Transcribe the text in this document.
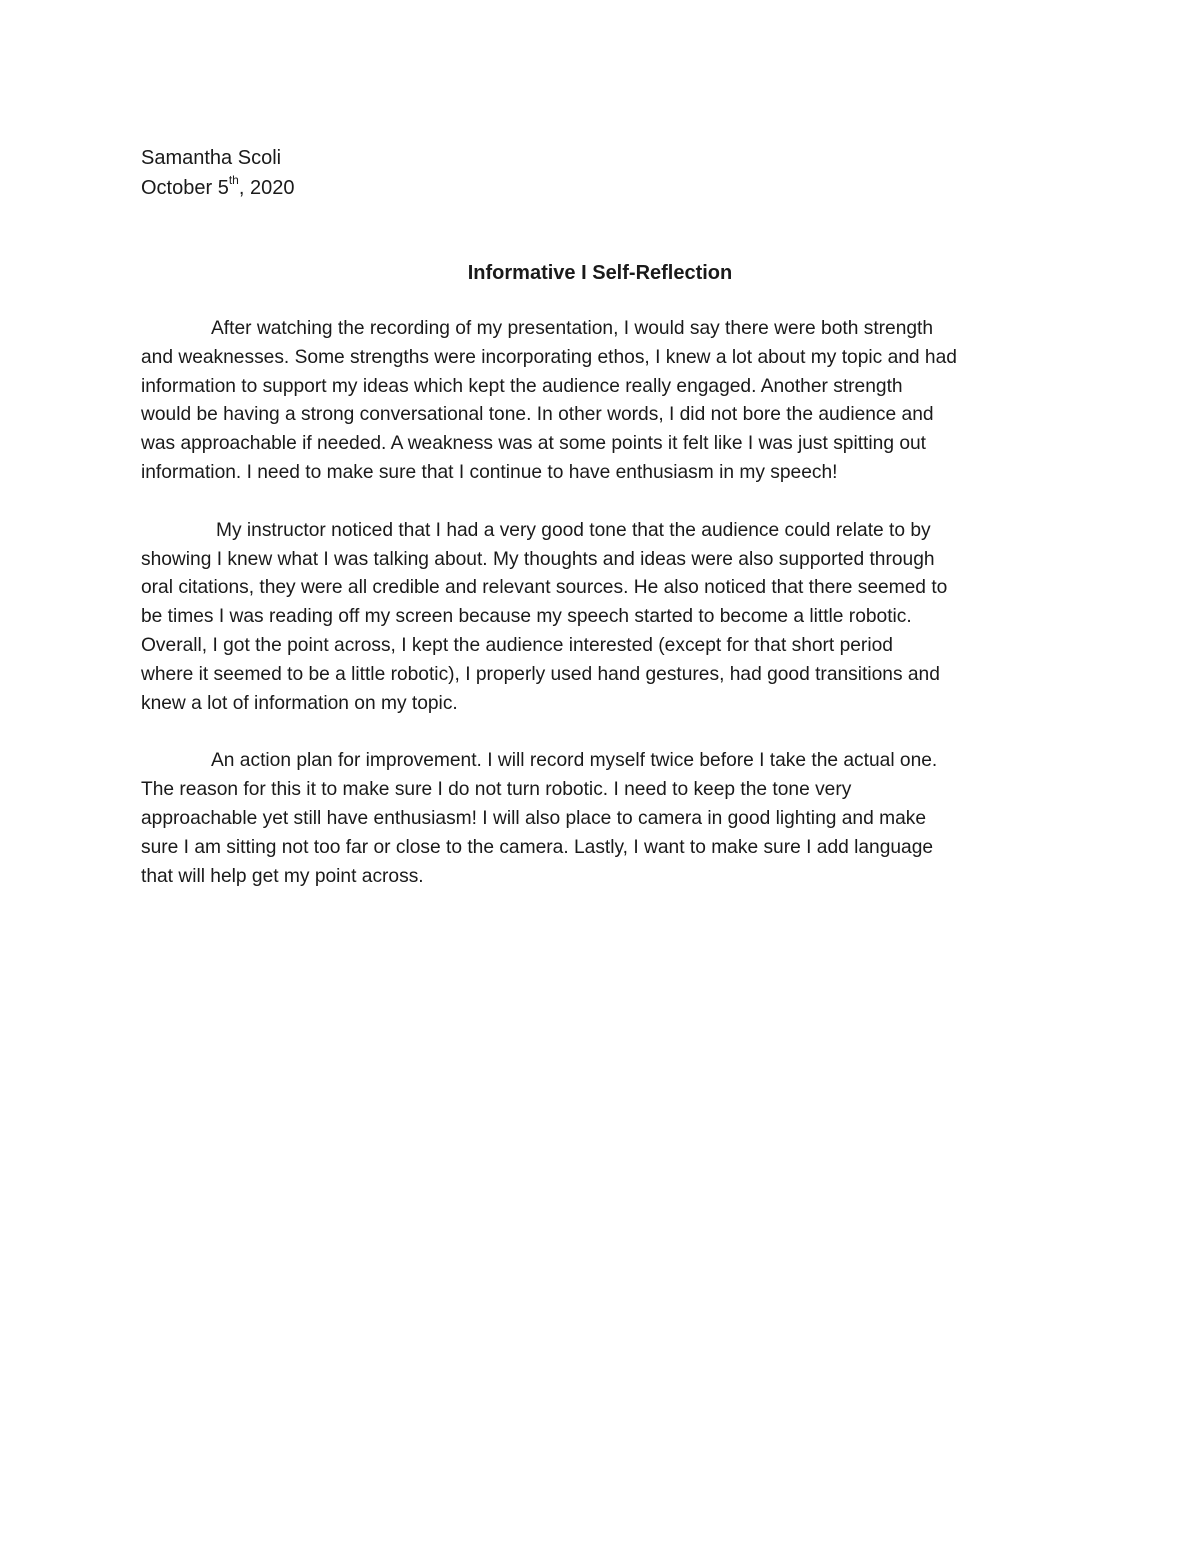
Samantha Scoli
October 5th, 2020
Informative I Self-Reflection

After watching the recording of my presentation, I would say there were both strength
and weaknesses. Some strengths were incorporating ethos, I knew a lot about my topic and had
information to support my ideas which kept the audience really engaged. Another strength
would be having a strong conversational tone. In other words, I did not bore the audience and
was approachable if needed. A weakness was at some points it felt like I was just spitting out
information. I need to make sure that I continue to have enthusiasm in my speech!

My instructor noticed that I had a very good tone that the audience could relate to by
showing I knew what I was talking about. My thoughts and ideas were also supported through
oral citations, they were all credible and relevant sources. He also noticed that there seemed to
be times I was reading off my screen because my speech started to become a little robotic.
Overall, I got the point across, I kept the audience interested (except for that short period
where it seemed to be a little robotic), I properly used hand gestures, had good transitions and
knew a lot of information on my topic.

An action plan for improvement. I will record myself twice before I take the actual one.
The reason for this it to make sure I do not turn robotic. I need to keep the tone very
approachable yet still have enthusiasm! I will also place to camera in good lighting and make
sure I am sitting not too far or close to the camera. Lastly, I want to make sure I add language
that will help get my point across.
